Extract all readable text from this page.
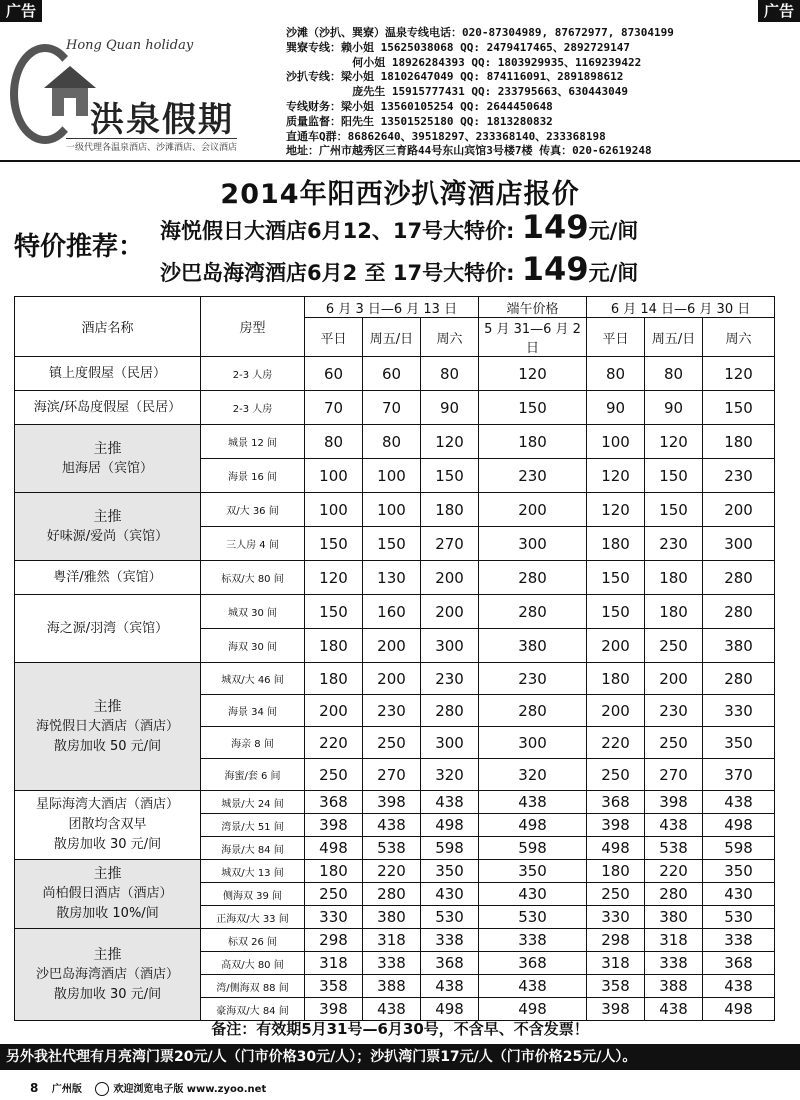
广告	广告
Hong Quan holiday
洪泉假期
一级代理各温泉酒店、沙滩酒店、会议酒店
沙滩（沙扒、巽寮）温泉专线电话：020-87304989, 87672977, 87304199
巽寮专线：赖小姐 15625038068 QQ: 2479417465、2892729147
何小姐 18926284393 QQ: 1803929935、1169239422
沙扒专线：梁小姐 18102647049 QQ: 874116091、2891898612
庞先生 15915777431 QQ: 233795663、630443049
专线财务：梁小姐 13560105254 QQ: 2644450648
质量监督：阳先生 13501525180 QQ: 1813280832
直通车Q群：86862640、39518297、233368140、233368198
地址：广州市越秀区三育路44号东山宾馆3号楼7楼 传真：020-62619248
2014年阳西沙扒湾酒店报价
特价推荐：
海悦假日大酒店6月12、17号大特价: 149元/间
沙巴岛海湾酒店6月2 至 17号大特价: 149元/间
酒店名称	房型	6 月 3 日—6 月 13 日			端午价格	6 月 14 日—6 月 30 日		
		平日	周五/日	周六	5 月 31—6 月 2 日	平日	周五/日	周六

镇上度假屋（民居）	2-3 人房	60	60	80	120	80	80	120

海滨/环岛度假屋（民居）	2-3 人房	70	70	90	150	90	90	150

主推
旭海居（宾馆）	城景 12 间	80	80	120	180	100	120	180
	海景 16 间	100	100	150	230	120	150	230

主推
好味源/爱尚（宾馆）	双/大 36 间	100	100	180	200	120	150	200
	三人房 4 间	150	150	270	300	180	230	300

粤洋/雅然（宾馆）	标双/大 80 间	120	130	200	280	150	180	280

海之源/羽湾（宾馆）	城双 30 间	150	160	200	280	150	180	280
	海双 30 间	180	200	300	380	200	250	380

主推
海悦假日大酒店（酒店）
散房加收 50 元/间	城双/大 46 间	180	200	230	230	180	200	280
	海景 34 间	200	230	280	280	200	230	330
	海亲 8 间	220	250	300	300	220	250	350
	海蜜/套 6 间	250	270	320	320	250	270	370

星际海湾大酒店（酒店）
团散均含双早
散房加收 30 元/间	城景/大 24 间	368	398	438	438	368	398	438
	湾景/大 51 间	398	438	498	498	398	438	498
	海景/大 84 间	498	538	598	598	498	538	598

主推
尚柏假日酒店（酒店）
散房加收 10%/间	城双/大 13 间	180	220	350	350	180	220	350
	侧海双 39 间	250	280	430	430	250	280	430
	正海双/大 33 间	330	380	530	530	330	380	530

主推
沙巴岛海湾酒店（酒店）
散房加收 30 元/间	标双 26 间	298	318	338	338	298	318	338
	高双/大 80 间	318	338	368	368	318	338	368
	湾/侧海双 88 间	358	388	438	438	358	388	438
	豪海双/大 84 间	398	438	498	498	398	438	498
备注：有效期5月31号—6月30号，不含早、不含发票！
另外我社代理有月亮湾门票20元/人（门市价格30元/人）；沙扒湾门票17元/人（门市价格25元/人）。
8 广州版	欢迎浏览电子版 www.zyoo.net
